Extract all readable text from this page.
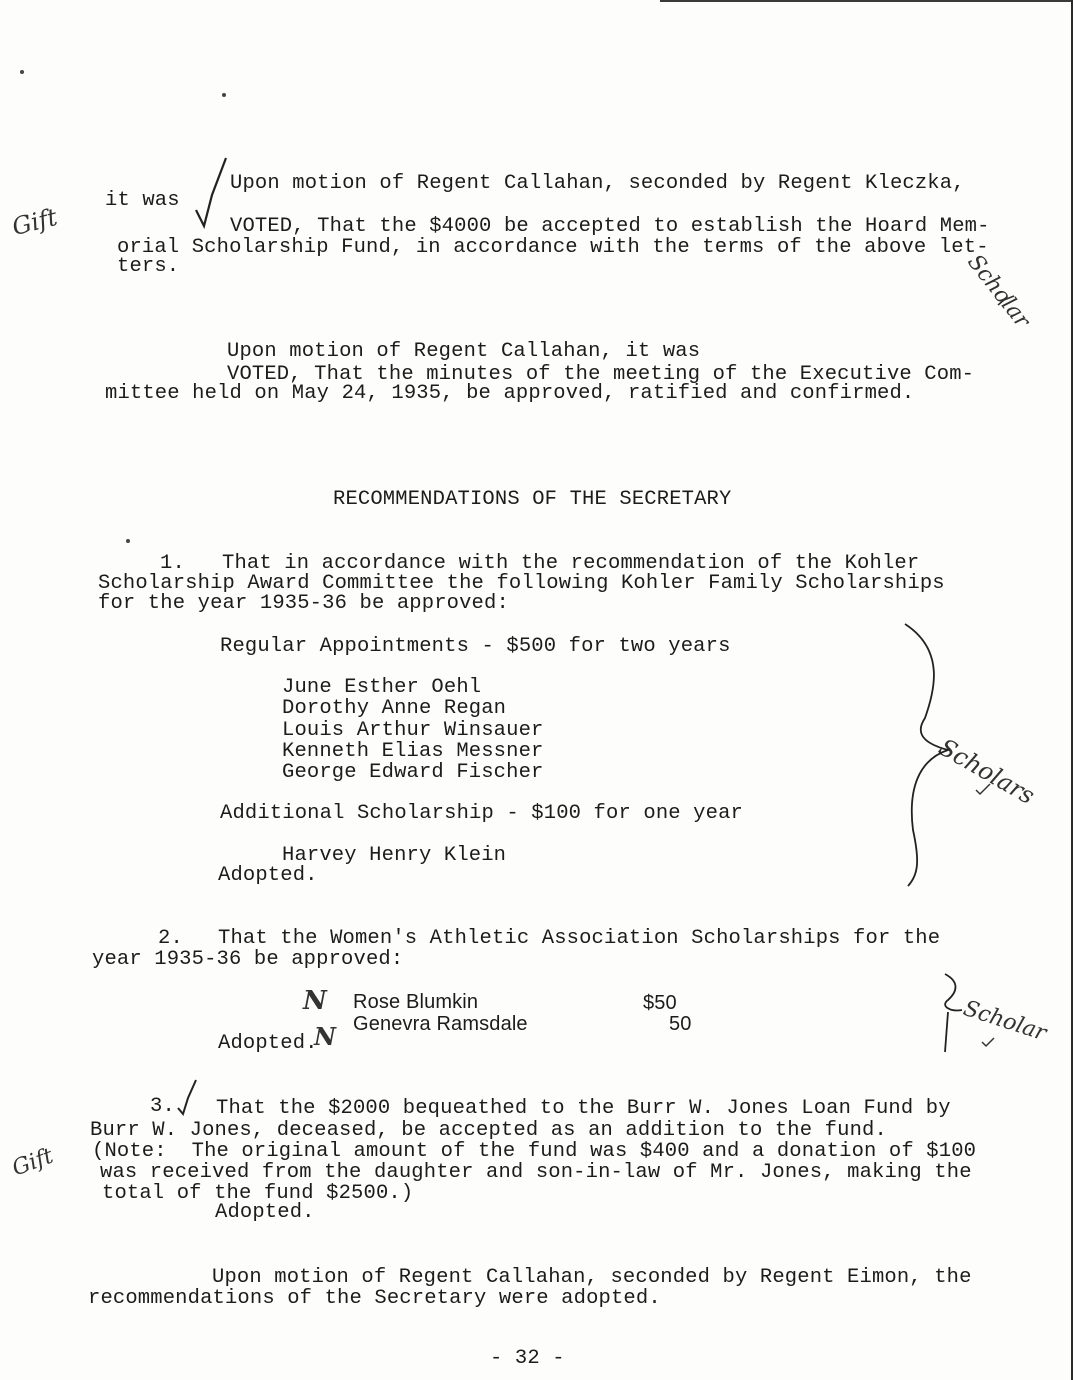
Upon motion of Regent Callahan, seconded by Regent Kleczka,
it was
VOTED, That the $4000 be accepted to establish the Hoard Mem-
orial Scholarship Fund, in accordance with the terms of the above let-
ters.
Upon motion of Regent Callahan, it was
VOTED, That the minutes of the meeting of the Executive Com-
mittee held on May 24, 1935, be approved, ratified and confirmed.
RECOMMENDATIONS OF THE SECRETARY
1. That in accordance with the recommendation of the Kohler
Scholarship Award Committee the following Kohler Family Scholarships
for the year 1935-36 be approved:
Regular Appointments - $500 for two years
June Esther Oehl
Dorothy Anne Regan
Louis Arthur Winsauer
Kenneth Elias Messner
George Edward Fischer
Additional Scholarship - $100 for one year
Harvey Henry Klein
Adopted.
2. That the Women's Athletic Association Scholarships for the
year 1935-36 be approved:
Rose Blumkin
Genevra Ramsdale
$50
50
Adopted.
3. That the $2000 bequeathed to the Burr W. Jones Loan Fund by
Burr W. Jones, deceased, be accepted as an addition to the fund.
(Note:  The original amount of the fund was $400 and a donation of $100
was received from the daughter and son-in-law of Mr. Jones, making the
total of the fund $2500.)
Adopted.
Upon motion of Regent Callahan, seconded by Regent Eimon, the
recommendations of the Secretary were adopted.
- 32 -
Gift
Scholar
Scholars
Scholar
Gift
N
N
